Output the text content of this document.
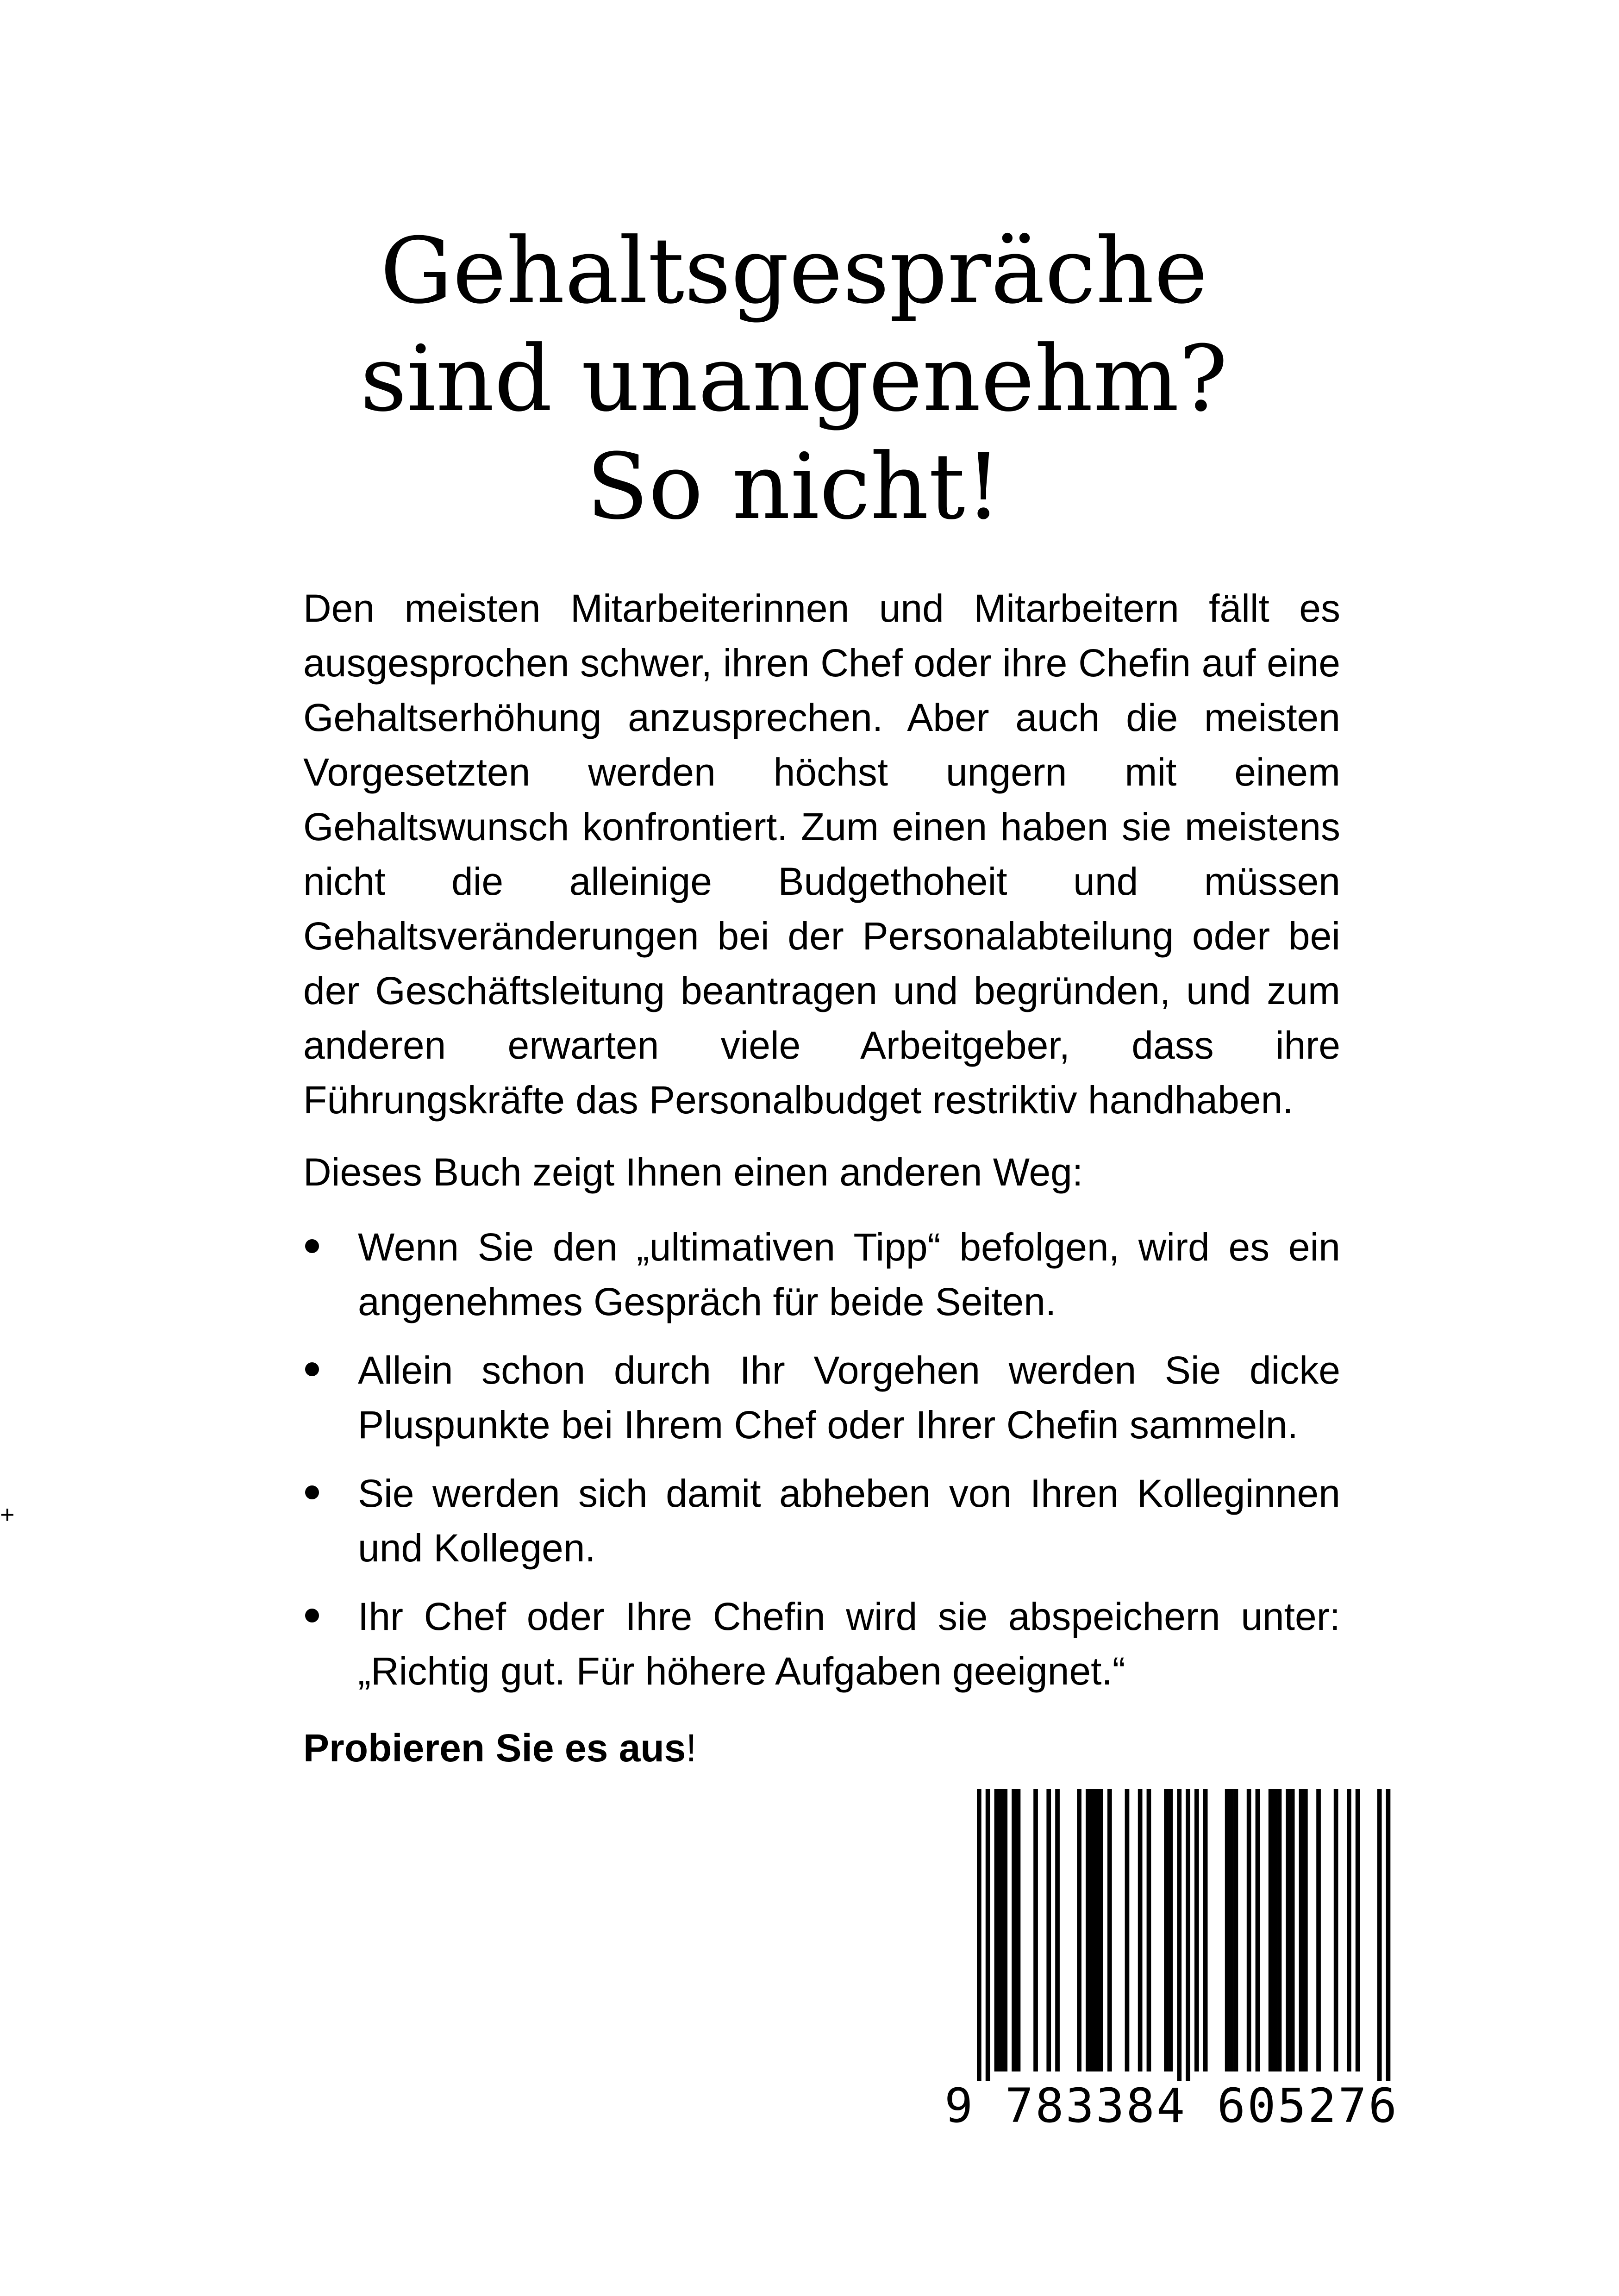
Gehaltsgespräche
sind unangenehm?
So nicht!

Den meisten Mitarbeiterinnen und Mitarbeitern fällt es ausgesprochen schwer, ihren Chef oder ihre Chefin auf eine Gehaltserhöhung anzusprechen. Aber auch die meisten Vorgesetzten werden höchst ungern mit einem Gehaltswunsch konfrontiert. Zum einen haben sie meistens nicht die alleinige Budgethoheit und müssen Gehaltsveränderungen bei der Personalabteilung oder bei der Geschäftsleitung beantragen und begründen, und zum anderen erwarten viele Arbeitgeber, dass ihre Führungskräfte das Personalbudget restriktiv handhaben.

Dieses Buch zeigt Ihnen einen anderen Weg:

Wenn Sie den „ultimativen Tipp“ befolgen, wird es ein angenehmes Gespräch für beide Seiten.

Allein schon durch Ihr Vorgehen werden Sie dicke Pluspunkte bei Ihrem Chef oder Ihrer Chefin sammeln.

Sie werden sich damit abheben von Ihren Kolleginnen und Kollegen.

Ihr Chef oder Ihre Chefin wird sie abspeichern unter: „Richtig gut. Für höhere Aufgaben geeignet.“

Probieren Sie es aus!

+
9 783384 605276
